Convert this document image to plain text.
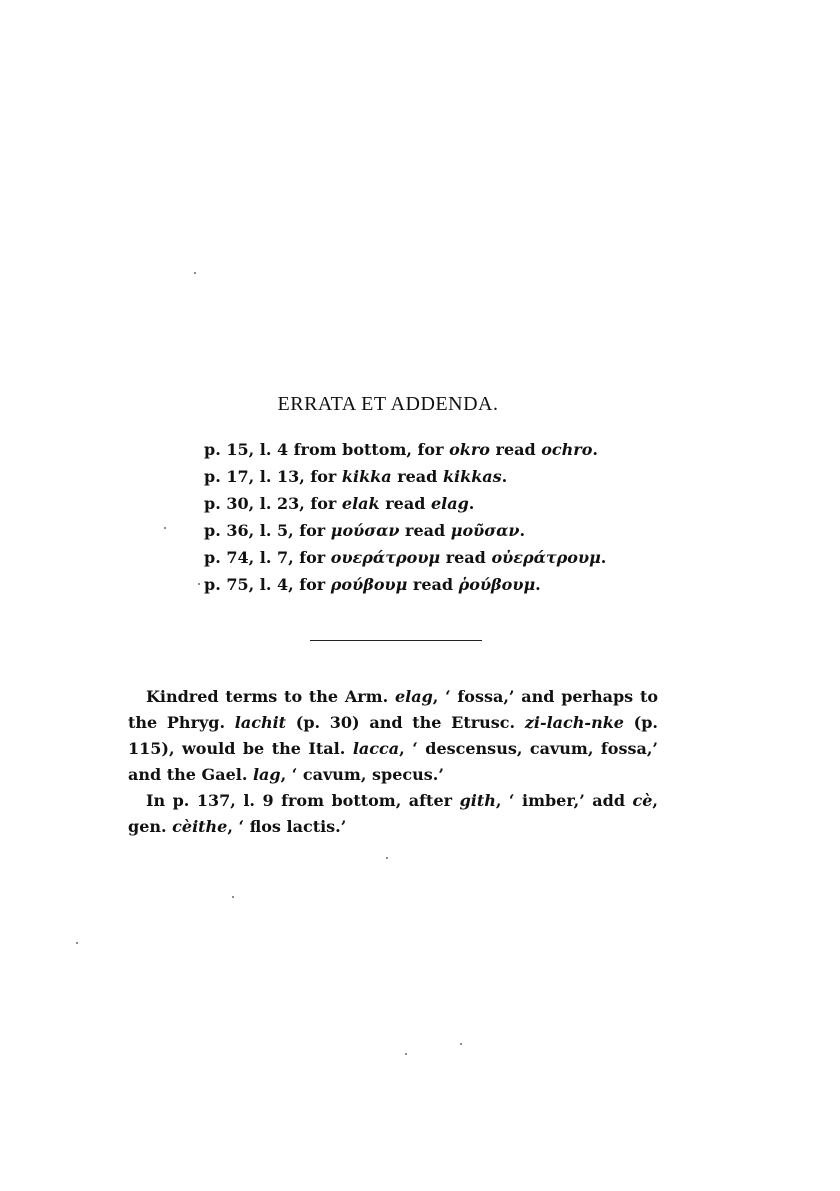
ERRATA ET ADDENDA.
p. 15, l. 4 from bottom, for okro read ochro.
p. 17, l. 13, for kikka read kikkas.
p. 30, l. 23, for elak read elag.
p. 36, l. 5, for μούσαν read μοῦσαν.
p. 74, l. 7, for ουεράτρουμ read οὐεράτρουμ.
p. 75, l. 4, for ρούβουμ read ῥούβουμ.

Kindred terms to the Arm. elag, ‘ fossa,’ and perhaps to the Phryg. lachit (p. 30) and the Etrusc. zi-lach-nke (p. 115), would be the Ital. lacca, ‘ descensus, cavum, fossa,’ and the Gael. lag, ‘ cavum, specus.’

In p. 137, l. 9 from bottom, after gith, ‘ imber,’ add cè, gen. cèithe, ‘ flos lactis.’
